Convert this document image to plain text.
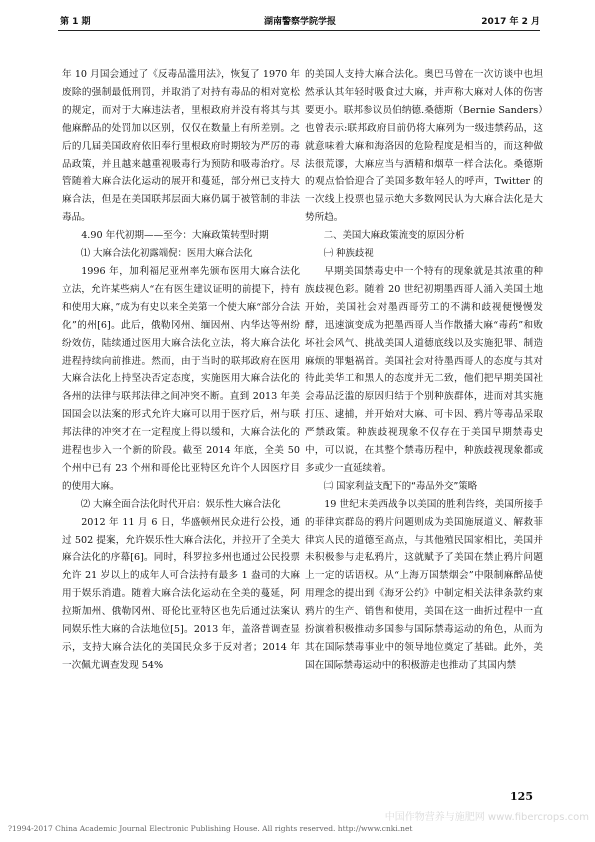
第 1 期	湖南警察学院学报	2017 年 2 月

年 10 月国会通过了《反毒品滥用法》，恢复了 1970 年废除的强制最低刑罚，并取消了对持有毒品的相对宽松的规定，而对于大麻违法者，里根政府并没有将其与其他麻醉品的处罚加以区别，仅仅在数量上有所差别。之后的几届美国政府依旧奉行里根政府时期较为严厉的毒品政策，并且越来越重视吸毒行为预防和吸毒治疗。尽管随着大麻合法化运动的展开和蔓延，部分州已支持大麻合法，但是在美国联邦层面大麻仍属于被管制的非法毒品。

4.90 年代初期——至今：大麻政策转型时期

⑴ 大麻合法化初露端倪：医用大麻合法化

1996 年，加利福尼亚州率先颁布医用大麻合法化立法，允许某些病人“在有医生建议证明的前提下，持有和使用大麻，”成为有史以来全美第一个使大麻“部分合法化”的州[6]。此后，俄勒冈州、缅因州、内华达等州纷纷效仿，陆续通过医用大麻合法化立法，将大麻合法化进程持续向前推进。然而，由于当时的联邦政府在医用大麻合法化上持坚决否定态度，实施医用大麻合法化的各州的法律与联邦法律之间冲突不断。直到 2013 年美国国会以法案的形式允许大麻可以用于医疗后，州与联邦法律的冲突才在一定程度上得以缓和，大麻合法化的进程也步入一个新的阶段。截至 2014 年底，全美 50 个州中已有 23 个州和哥伦比亚特区允许个人因医疗目的使用大麻。

⑵ 大麻全面合法化时代开启：娱乐性大麻合法化

2012 年 11 月 6 日，华盛顿州民众进行公投，通过 502 提案，允许娱乐性大麻合法化，并拉开了全美大麻合法化的序幕[6]。同时，科罗拉多州也通过公民投票允许 21 岁以上的成年人可合法持有最多 1 盎司的大麻用于娱乐消遣。随着大麻合法化运动在全美的蔓延，阿拉斯加州、俄勒冈州、哥伦比亚特区也先后通过法案认同娱乐性大麻的合法地位[5]。2013 年，盖洛普调查显示，支持大麻合法化的美国民众多于反对者；2014 年一次佩尤调查发现 54%

的美国人支持大麻合法化。奥巴马曾在一次访谈中也坦然承认其年轻时吸食过大麻，并声称大麻对人体的伤害要更小。联邦参议员伯纳德.桑德斯（Bernie Sanders）也曾表示:联邦政府目前仍将大麻列为一级违禁药品，这就意味着大麻和海洛因的危险程度是相当的，而这种做法很荒谬，大麻应当与酒精和烟草一样合法化。桑德斯的观点恰恰迎合了美国多数年轻人的呼声，Twitter 的一次线上投票也显示绝大多数网民认为大麻合法化是大势所趋。

二、美国大麻政策流变的原因分析

㈠ 种族歧视

早期美国禁毒史中一个特有的现象就是其浓重的种族歧视色彩。随着 20 世纪初期墨西哥人涌入美国土地开始，美国社会对墨西哥劳工的不满和歧视便慢慢发酵，迅速演变成为把墨西哥人当作散播大麻“毒药”和败坏社会风气、挑战美国人道德底线以及实施犯罪、制造麻烦的罪魁祸首。美国社会对待墨西哥人的态度与其对待此美华工和黑人的态度并无二致，他们把早期美国社会毒品泛滥的原因归结于个别种族群体，进而对其实施打压、逮捕，并开始对大麻、可卡因、鸦片等毒品采取严禁政策。种族歧视现象不仅存在于美国早期禁毒史中，可以说，在其整个禁毒历程中，种族歧视现象都或多或少一直延续着。

㈡ 国家利益支配下的“毒品外交”策略

19 世纪末美西战争以美国的胜利告终，美国所接手的菲律宾群岛的鸦片问题则成为美国施展道义、解救菲律宾人民的道德至高点，与其他殖民国家相比，美国并未积极参与走私鸦片，这就赋予了美国在禁止鸦片问题上一定的话语权。从“上海万国禁烟会”中限制麻醉品使用理念的提出到《海牙公约》中制定相关法律条款约束鸦片的生产、销售和使用，美国在这一曲折过程中一直扮演着积极推动多国参与国际禁毒运动的角色，从而为其在国际禁毒事业中的领导地位奠定了基础。此外，美国在国际禁毒运动中的积极游走也推动了其国内禁

125
?1994-2017 China Academic Journal Electronic Publishing House. All rights reserved. http://www.cnki.net
中国作物营养与施肥网 www.fibercrops.com
